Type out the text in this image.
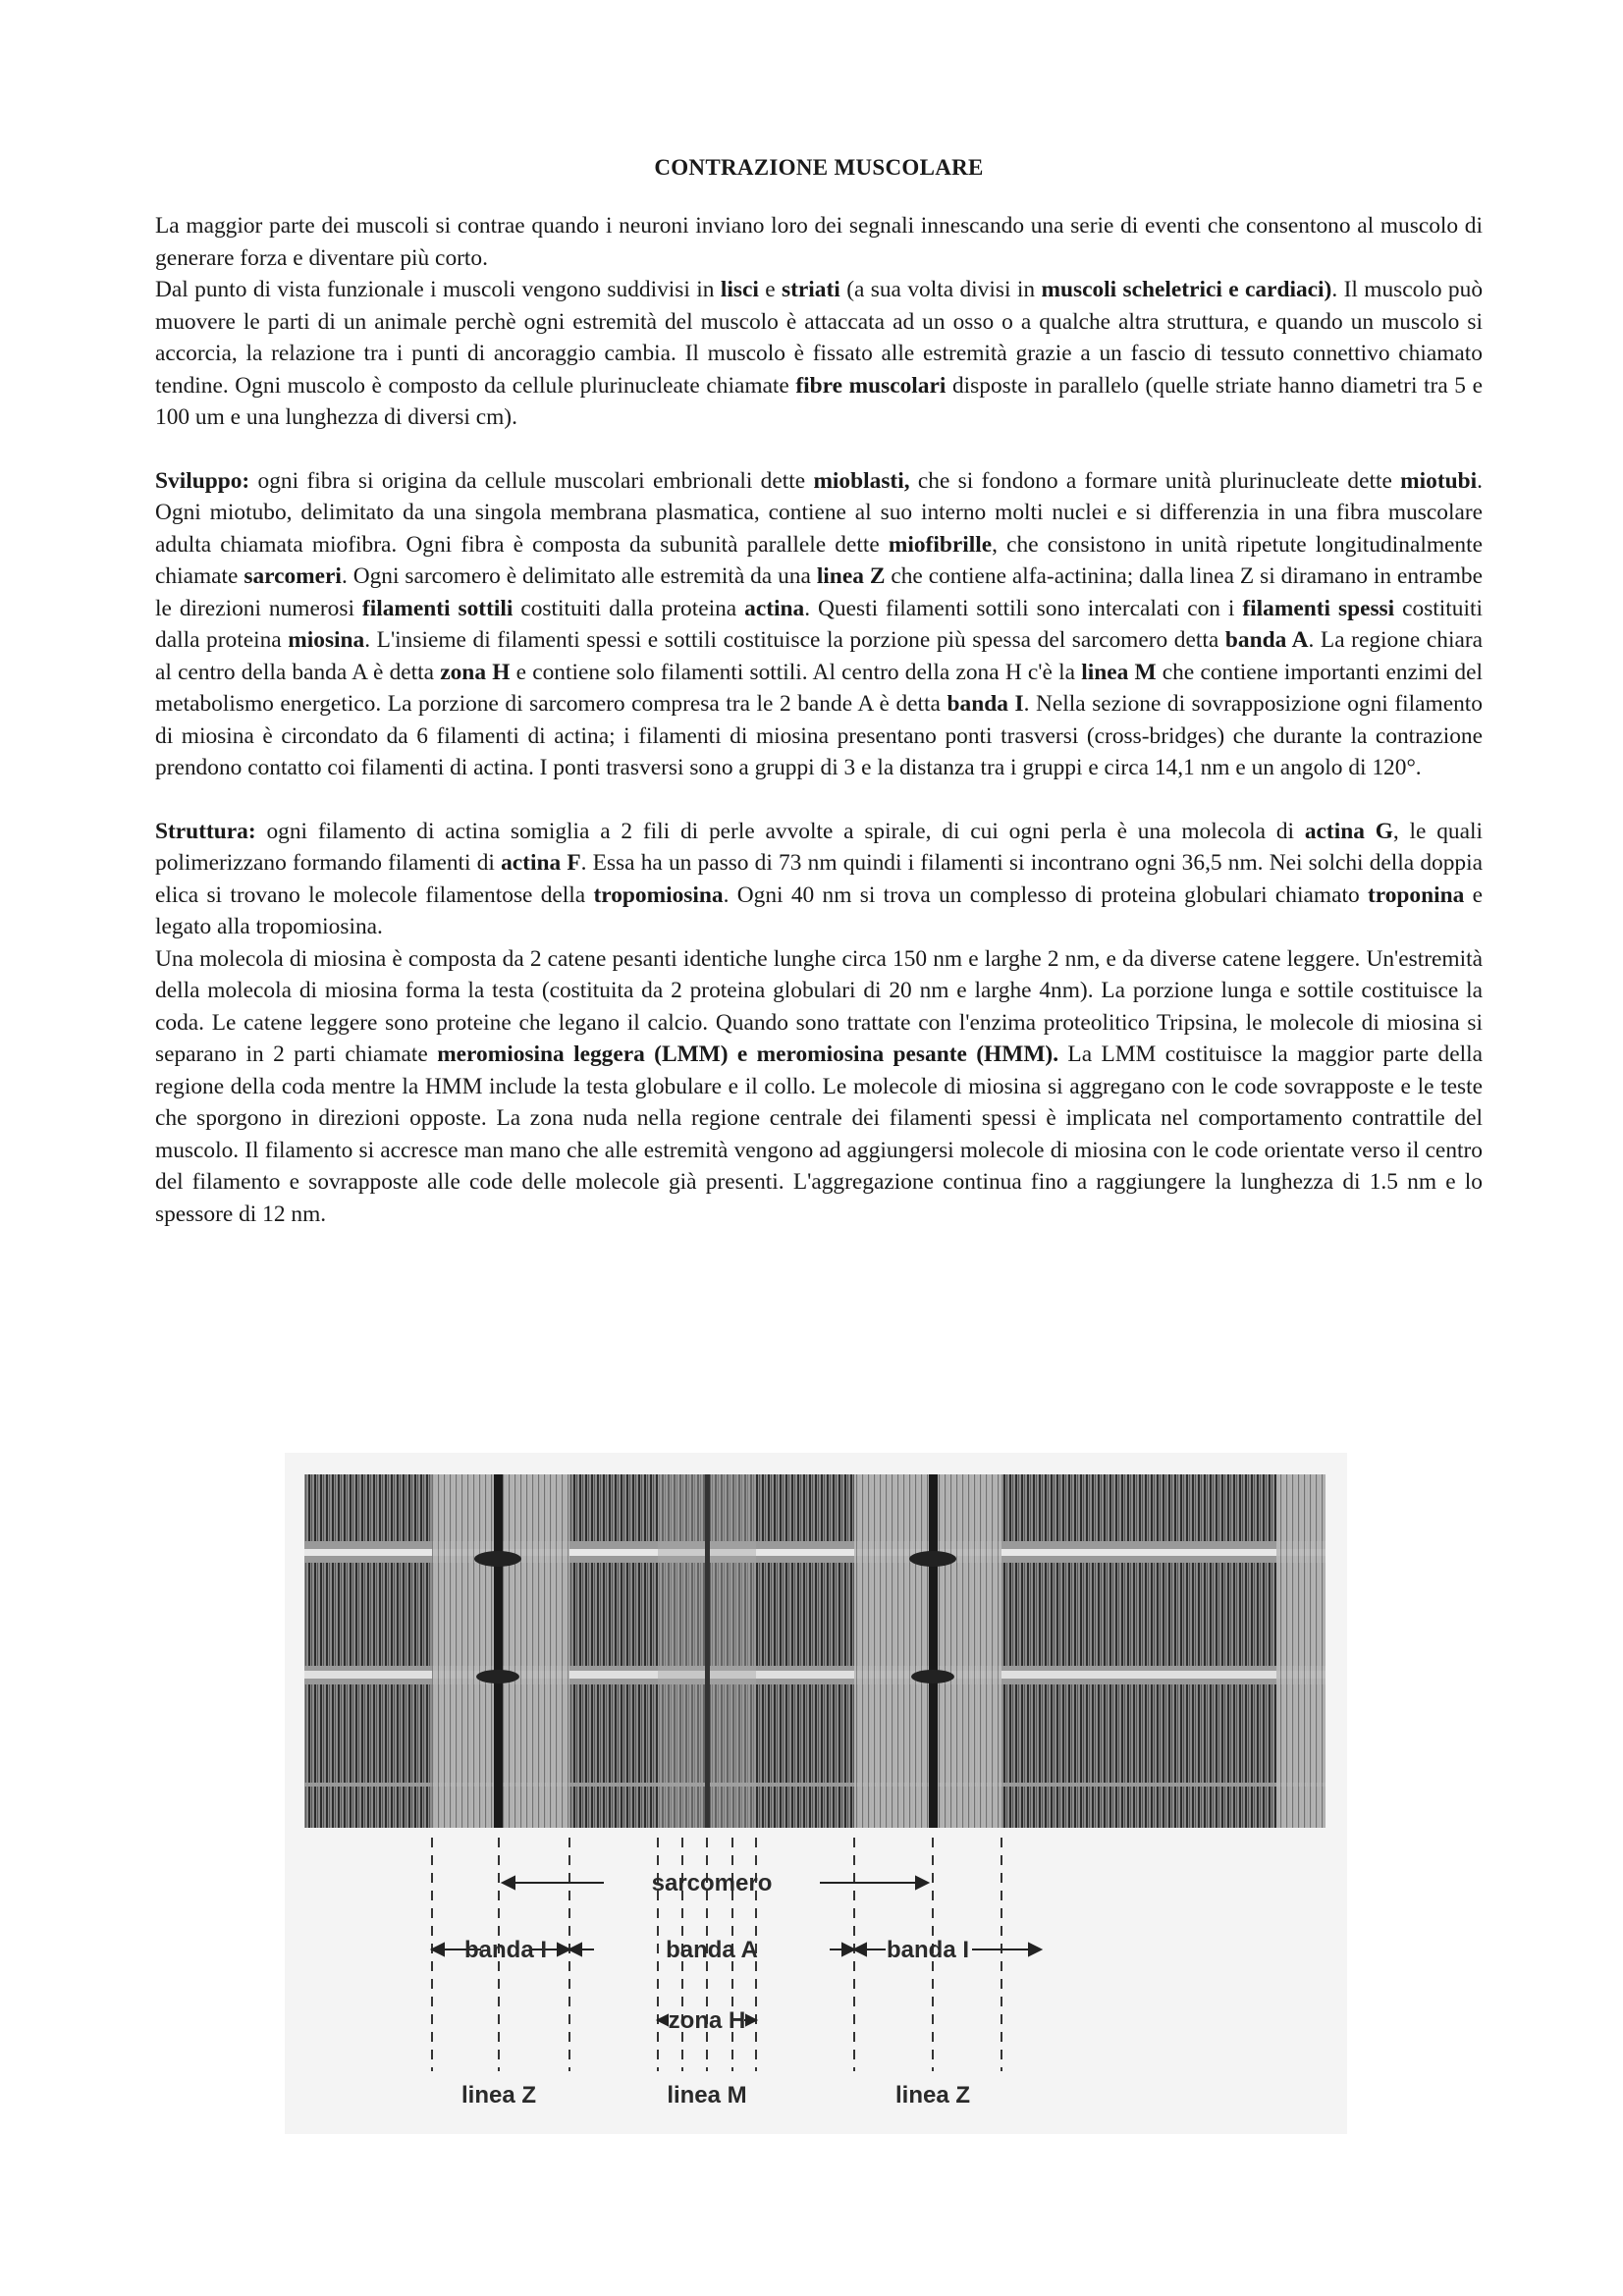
CONTRAZIONE MUSCOLARE

La maggior parte dei muscoli si contrae quando i neuroni inviano loro dei segnali innescando una serie di eventi che consentono al muscolo di generare forza e diventare più corto.

Dal punto di vista funzionale i muscoli vengono suddivisi in lisci e striati (a sua volta divisi in muscoli scheletrici e cardiaci). Il muscolo può muovere le parti di un animale perchè ogni estremità del muscolo è attaccata ad un osso o a qualche altra struttura, e quando un muscolo si accorcia, la relazione tra i punti di ancoraggio cambia. Il muscolo è fissato alle estremità grazie a un fascio di tessuto connettivo chiamato tendine. Ogni muscolo è composto da cellule plurinucleate chiamate fibre muscolari disposte in parallelo (quelle striate hanno diametri tra 5 e 100 um e una lunghezza di diversi cm).

Sviluppo: ogni fibra si origina da cellule muscolari embrionali dette mioblasti, che si fondono a formare unità plurinucleate dette miotubi. Ogni miotubo, delimitato da una singola membrana plasmatica, contiene al suo interno molti nuclei e si differenzia in una fibra muscolare adulta chiamata miofibra. Ogni fibra è composta da subunità parallele dette miofibrille, che consistono in unità ripetute longitudinalmente chiamate sarcomeri. Ogni sarcomero è delimitato alle estremità da una linea Z che contiene alfa-actinina; dalla linea Z si diramano in entrambe le direzioni numerosi filamenti sottili costituiti dalla proteina actina. Questi filamenti sottili sono intercalati con i filamenti spessi costituiti dalla proteina miosina. L'insieme di filamenti spessi e sottili costituisce la porzione più spessa del sarcomero detta banda A. La regione chiara al centro della banda A è detta zona H e contiene solo filamenti sottili. Al centro della zona H c'è la linea M che contiene importanti enzimi del metabolismo energetico. La porzione di sarcomero compresa tra le 2 bande A è detta banda I. Nella sezione di sovrapposizione ogni filamento di miosina è circondato da 6 filamenti di actina; i filamenti di miosina presentano ponti trasversi (cross-bridges) che durante la contrazione prendono contatto coi filamenti di actina. I ponti trasversi sono a gruppi di 3 e la distanza tra i gruppi e circa 14,1 nm e un angolo di 120°.

Struttura: ogni filamento di actina somiglia a 2 fili di perle avvolte a spirale, di cui ogni perla è una molecola di actina G, le quali polimerizzano formando filamenti di actina F. Essa ha un passo di 73 nm quindi i filamenti si incontrano ogni 36,5 nm. Nei solchi della doppia elica si trovano le molecole filamentose della tropomiosina. Ogni 40 nm si trova un complesso di proteina globulari chiamato troponina e legato alla tropomiosina.

Una molecola di miosina è composta da 2 catene pesanti identiche lunghe circa 150 nm e larghe 2 nm, e da diverse catene leggere. Un'estremità della molecola di miosina forma la testa (costituita da 2 proteina globulari di 20 nm e larghe 4nm). La porzione lunga e sottile costituisce la coda. Le catene leggere sono proteine che legano il calcio. Quando sono trattate con l'enzima proteolitico Tripsina, le molecole di miosina si separano in 2 parti chiamate meromiosina leggera (LMM) e meromiosina pesante (HMM). La LMM costituisce la maggior parte della regione della coda mentre la HMM include la testa globulare e il collo. Le molecole di miosina si aggregano con le code sovrapposte e le teste che sporgono in direzioni opposte. La zona nuda nella regione centrale dei filamenti spessi è implicata nel comportamento contrattile del muscolo. Il filamento si accresce man mano che alle estremità vengono ad aggiungersi molecole di miosina con le code orientate verso il centro del filamento e sovrapposte alle code delle molecole già presenti. L'aggregazione continua fino a raggiungere la lunghezza di 1.5 nm e lo spessore di 12 nm.

sarcomero
banda I	banda A	banda I
zona H
linea Z	linea M	linea Z
